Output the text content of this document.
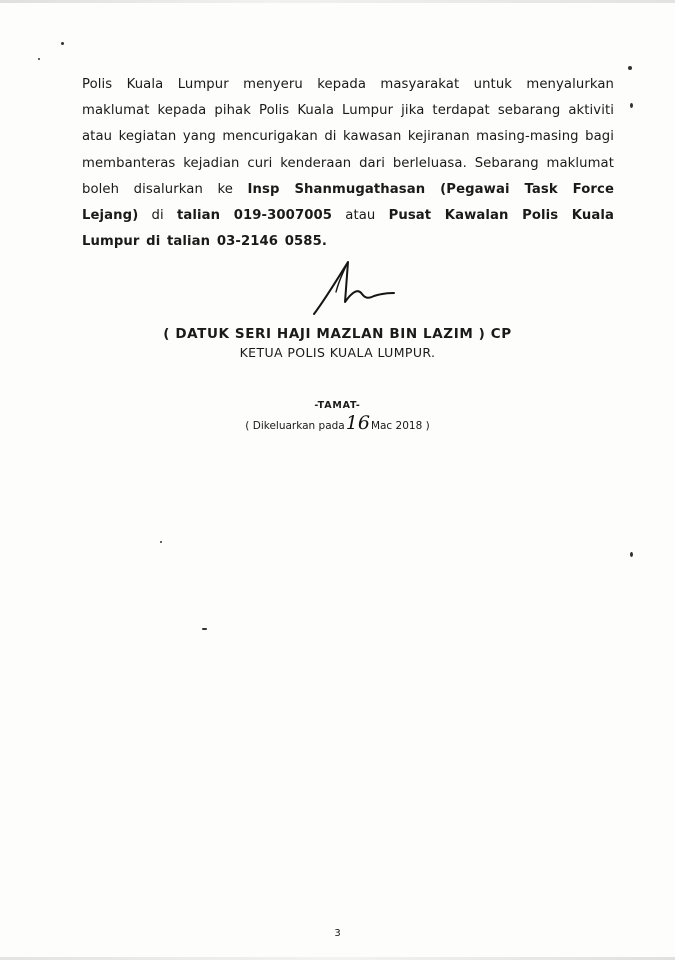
Polis Kuala Lumpur menyeru kepada masyarakat untuk menyalurkan maklumat kepada pihak Polis Kuala Lumpur jika terdapat sebarang aktiviti atau kegiatan yang mencurigakan di kawasan kejiranan masing-masing bagi membanteras kejadian curi kenderaan dari berleluasa. Sebarang maklumat boleh disalurkan ke Insp Shanmugathasan (Pegawai Task Force Lejang) di talian 019-3007005 atau Pusat Kawalan Polis Kuala Lumpur di talian 03-2146 0585.

( DATUK SERI HAJI MAZLAN BIN LAZIM ) CP

KETUA POLIS KUALA LUMPUR.

-TAMAT-

( Dikeluarkan pada16Mac 2018 )

3
